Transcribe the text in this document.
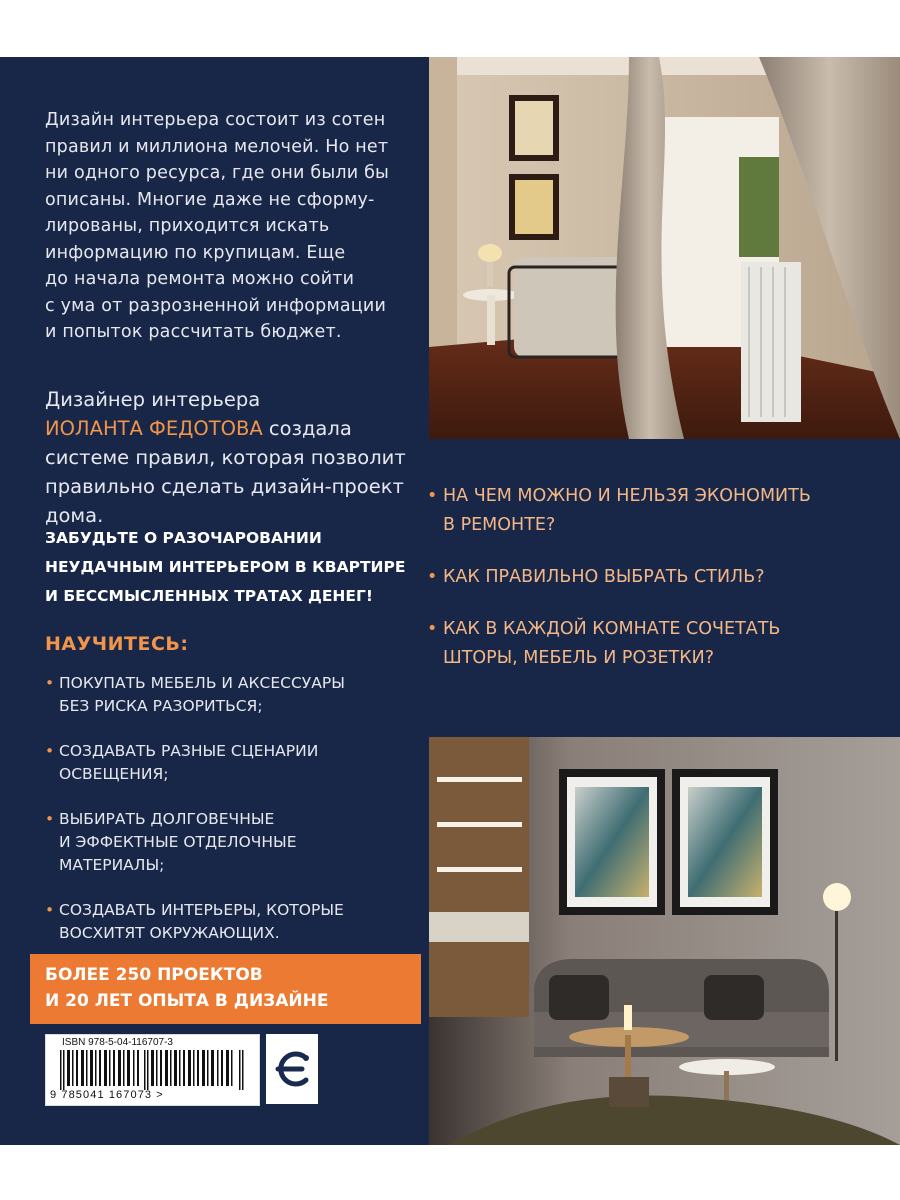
Дизайн интерьера состоит из сотен
правил и миллиона мелочей. Но нет
ни одного ресурса, где они были бы
описаны. Многие даже не сформу-
лированы, приходится искать
информацию по крупицам. Еще
до начала ремонта можно сойти
с ума от разрозненной информации
и попыток рассчитать бюджет.

Дизайнер интерьера
ИОЛАНТА ФЕДОТОВА создала системе правил, которая позволит правильно сделать дизайн-проект дома.
ЗАБУДЬТЕ О РАЗОЧАРОВАНИИ
НЕУДАЧНЫМ ИНТЕРЬЕРОМ В КВАРТИРЕ
И БЕССМЫСЛЕННЫХ ТРАТАХ ДЕНЕГ!
НАУЧИТЕСЬ:
• ПОКУПАТЬ МЕБЕЛЬ И АКСЕССУАРЫ
БЕЗ РИСКА РАЗОРИТЬСЯ;
• СОЗДАВАТЬ РАЗНЫЕ СЦЕНАРИИ
ОСВЕЩЕНИЯ;
• ВЫБИРАТЬ ДОЛГОВЕЧНЫЕ
И ЭФФЕКТНЫЕ ОТДЕЛОЧНЫЕ
МАТЕРИАЛЫ;
• СОЗДАВАТЬ ИНТЕРЬЕРЫ, КОТОРЫЕ
ВОСХИТЯТ ОКРУЖАЮЩИХ.
БОЛЕЕ 250 ПРОЕКТОВ
И 20 ЛЕТ ОПЫТА В ДИЗАЙНЕ
ISBN 978-5-04-116707-3
9 785041 167073 >
• НА ЧЕМ МОЖНО И НЕЛЬЗЯ ЭКОНОМИТЬ
В РЕМОНТЕ?
• КАК ПРАВИЛЬНО ВЫБРАТЬ СТИЛЬ?
• КАК В КАЖДОЙ КОМНАТЕ СОЧЕТАТЬ
ШТОРЫ, МЕБЕЛЬ И РОЗЕТКИ?
